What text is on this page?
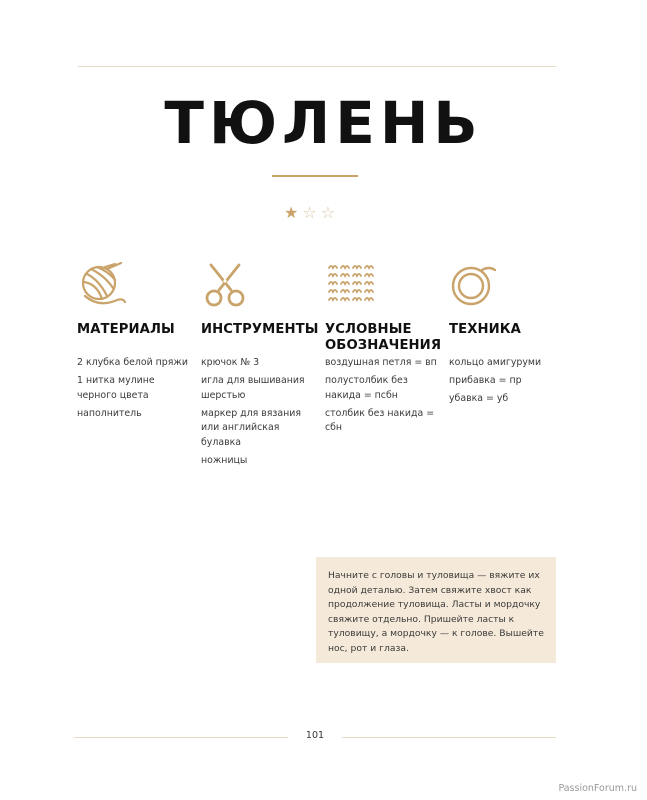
ТЮЛЕНЬ
★ ☆ ☆
МАТЕРИАЛЫ
2 клубка белой пряжи
1 нитка мулине черного цвета
наполнитель
ИНСТРУМЕНТЫ
крючок № 3
игла для вышивания шерстью
маркер для вязания или английская булавка
ножницы
УСЛОВНЫЕ ОБОЗНАЧЕНИЯ
воздушная петля = вп
полустолбик без накида = псбн
столбик без накида = сбн
ТЕХНИКА
кольцо амигуруми
прибавка = пр
убавка = уб

Начните с головы и туловища — вяжите их одной деталью. Затем свяжите хвост как продолжение туловища. Ласты и мордочку свяжите отдельно. Пришейте ласты к туловищу, а мордочку — к голове. Вышейте нос, рот и глаза.

101
PassionForum.ru
